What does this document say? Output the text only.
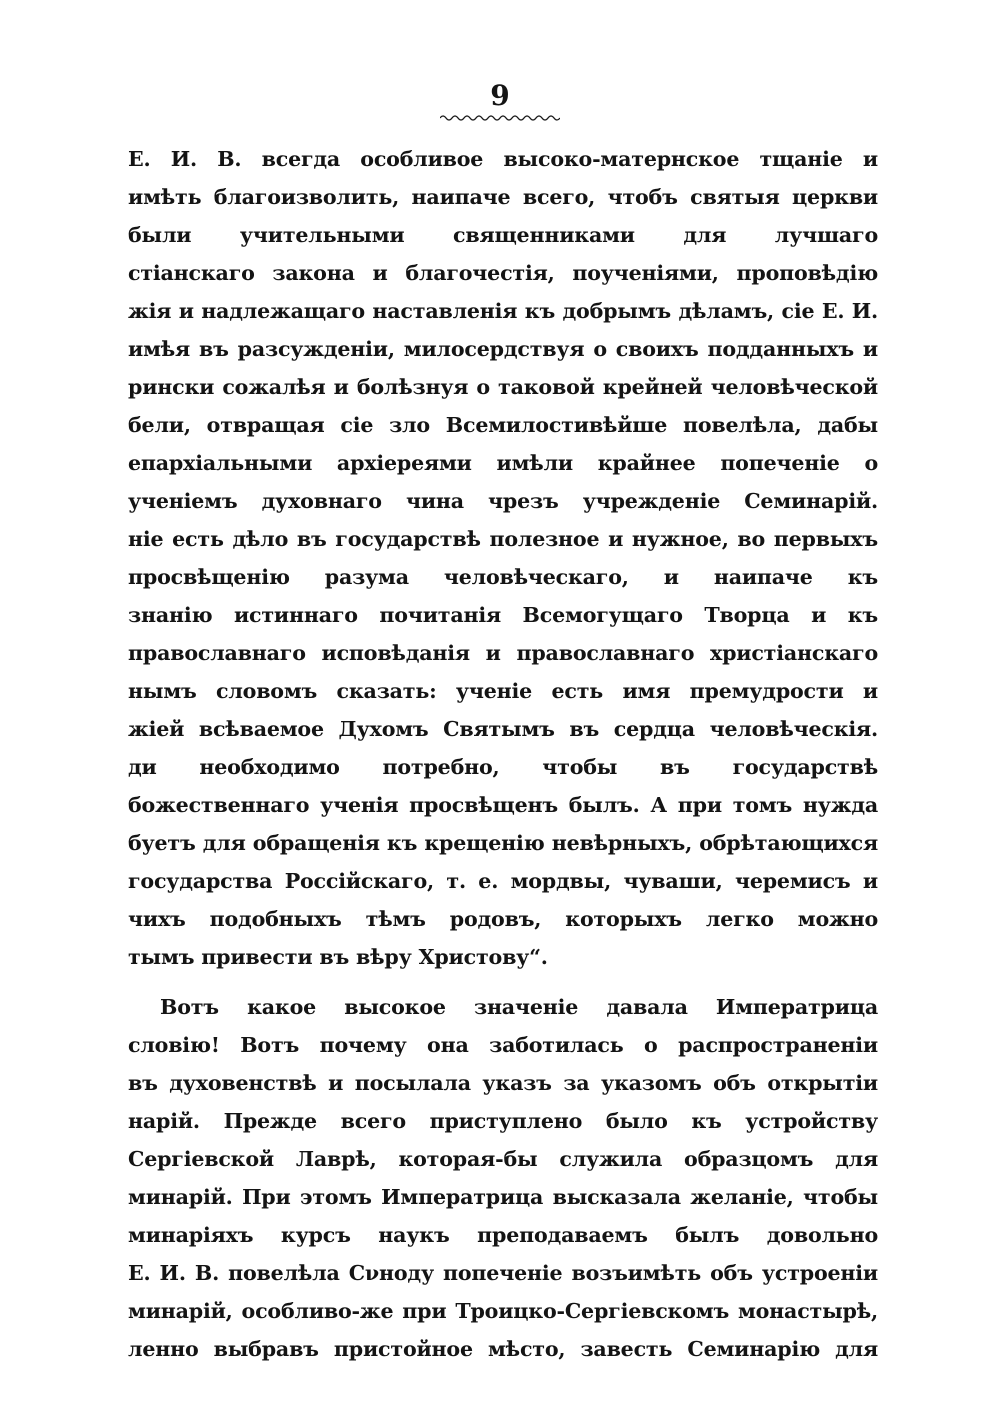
9
Е. И. В. всегда особливое высоко-матернское тщаніе и
имѣть благоизволить, наипаче всего, чтобъ святыя церкви
были учительными священниками для лучшаго
стіанскаго закона и благочестія, поученіями, проповѣдію
жія и надлежащаго наставленія къ добрымъ дѣламъ, сіе Е. И.
имѣя въ разсужденіи, милосердствуя о своихъ подданныхъ и
рински сожалѣя и болѣзнуя о таковой крейней человѣческой
бели, отвращая сіе зло Всемилостивѣйше повелѣла, дабы
епархіальными архіереями имѣли крайнее попеченіе о
ученіемъ духовнаго чина чрезъ учрежденіе Семинарій.
ніе есть дѣло въ государствѣ полезное и нужное, во первыхъ
просвѣщенію разума человѣческаго, и наипаче къ
знанію истиннаго почитанія Всемогущаго Творца и къ
православнаго исповѣданія и православнаго христіанскаго
нымъ словомъ сказать: ученіе есть имя премудрости и
жіей всѣваемое Духомъ Святымъ въ сердца человѣческія.
ди необходимо потребно, чтобы въ государствѣ
божественнаго ученія просвѣщенъ былъ. А при томъ нужда
буетъ для обращенія къ крещенію невѣрныхъ, обрѣтающихся
государства Россійскаго, т. е. мордвы, чуваши, черемисъ и
чихъ подобныхъ тѣмъ родовъ, которыхъ легко можно
тымъ привести въ вѣру Христову“.
Вотъ какое высокое значеніе давала Императрица
словію! Вотъ почему она заботилась о распространеніи
въ духовенствѣ и посылала указъ за указомъ объ открытіи
нарій. Прежде всего приступлено было къ устройству
Сергіевской Лаврѣ, которая-бы служила образцомъ для
минарій. При этомъ Императрица высказала желаніе, чтобы
минаріяхъ курсъ наукъ преподаваемъ былъ довольно
Е. И. В. повелѣла Сνноду попеченіе возъимѣть объ устроеніи
минарій, особливо-же при Троицко-Сергіевскомъ монастырѣ,
ленно выбравъ пристойное мѣсто, завесть Семинарію для
